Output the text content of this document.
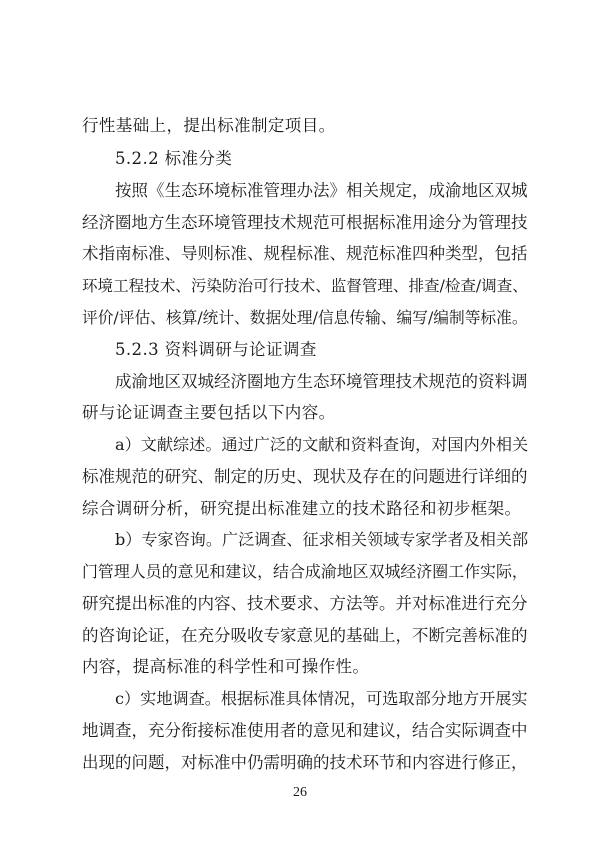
行性基础上，提出标准制定项目。
5.2.2 标准分类
按照《生态环境标准管理办法》相关规定，成渝地区双城
经济圈地方生态环境管理技术规范可根据标准用途分为管理技
术指南标准、导则标准、规程标准、规范标准四种类型，包括
环境工程技术、污染防治可行技术、监督管理、排查/检查/调查、
评价/评估、核算/统计、数据处理/信息传输、编写/编制等标准。
5.2.3 资料调研与论证调查
成渝地区双城经济圈地方生态环境管理技术规范的资料调
研与论证调查主要包括以下内容。
a）文献综述。通过广泛的文献和资料查询，对国内外相关
标准规范的研究、制定的历史、现状及存在的问题进行详细的
综合调研分析，研究提出标准建立的技术路径和初步框架。
b）专家咨询。广泛调查、征求相关领域专家学者及相关部
门管理人员的意见和建议，结合成渝地区双城经济圈工作实际，
研究提出标准的内容、技术要求、方法等。并对标准进行充分
的咨询论证，在充分吸收专家意见的基础上，不断完善标准的
内容，提高标准的科学性和可操作性。
c）实地调查。根据标准具体情况，可选取部分地方开展实
地调查，充分衔接标准使用者的意见和建议，结合实际调查中
出现的问题，对标准中仍需明确的技术环节和内容进行修正，
26
